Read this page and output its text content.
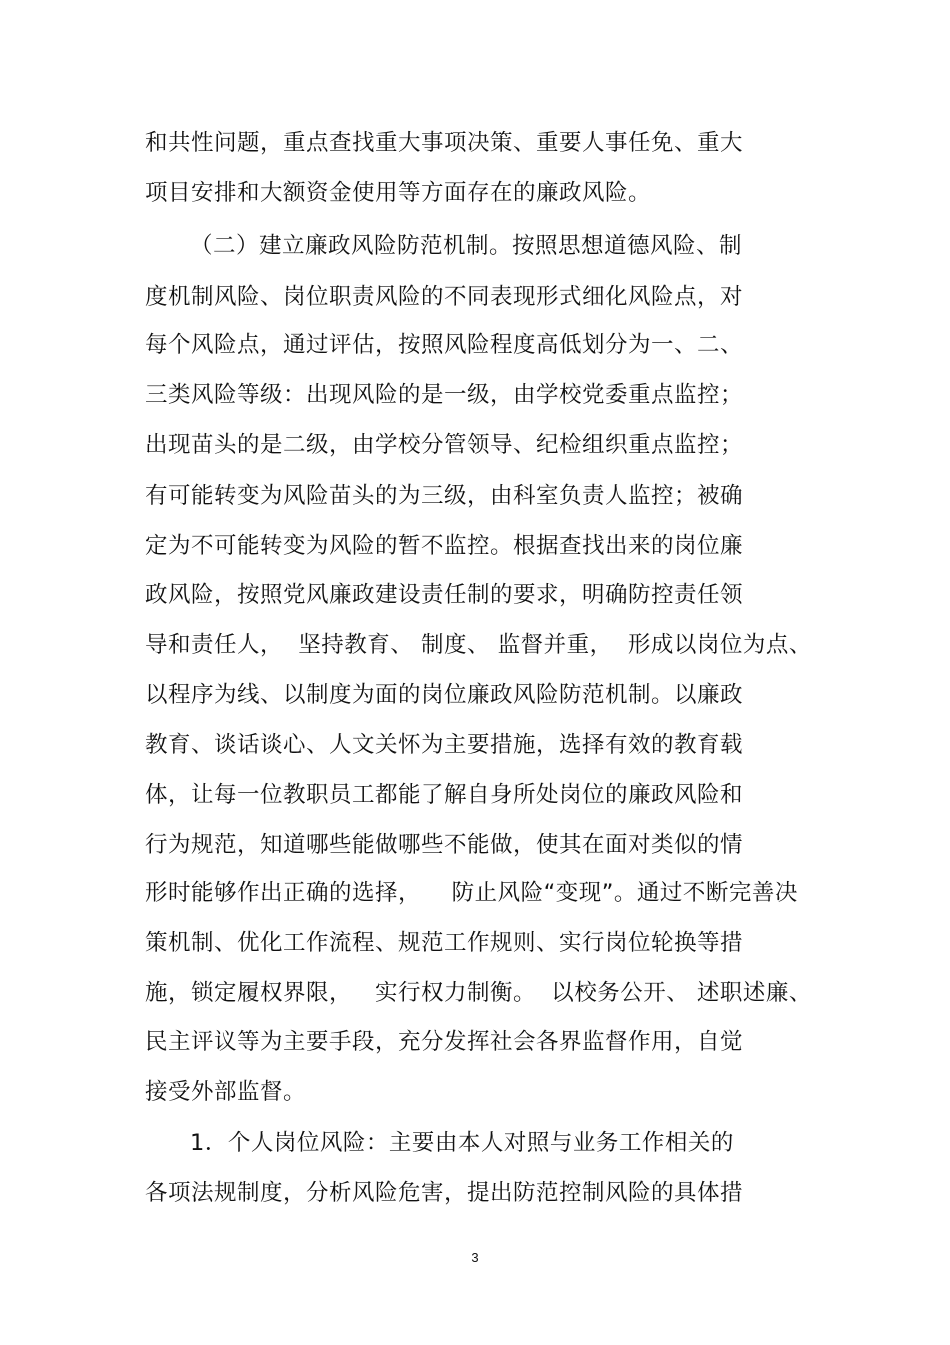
和共性问题，重点查找重大事项决策、重要人事任免、重大
项目安排和大额资金使用等方面存在的廉政风险。
（二）建立廉政风险防范机制。按照思想道德风险、制
度机制风险、岗位职责风险的不同表现形式细化风险点，对
每个风险点，通过评估，按照风险程度高低划分为一、二、
三类风险等级：出现风险的是一级，由学校党委重点监控；
出现苗头的是二级，由学校分管领导、纪检组织重点监控；
有可能转变为风险苗头的为三级，由科室负责人监控；被确
定为不可能转变为风险的暂不监控。根据查找出来的岗位廉
政风险，按照党风廉政建设责任制的要求，明确防控责任领
导和责任人，  坚持教育、 制度、 监督并重，  形成以岗位为点、
以程序为线、以制度为面的岗位廉政风险防范机制。以廉政
教育、谈话谈心、人文关怀为主要措施，选择有效的教育载
体，让每一位教职员工都能了解自身所处岗位的廉政风险和
行为规范，知道哪些能做哪些不能做，使其在面对类似的情
形时能够作出正确的选择，    防止风险“变现”。通过不断完善决
策机制、优化工作流程、规范工作规则、实行岗位轮换等措
施，锁定履权界限，   实行权力制衡。  以校务公开、 述职述廉、
民主评议等为主要手段，充分发挥社会各界监督作用，自觉
接受外部监督。
1．个人岗位风险：主要由本人对照与业务工作相关的
各项法规制度，分析风险危害，提出防范控制风险的具体措
3
